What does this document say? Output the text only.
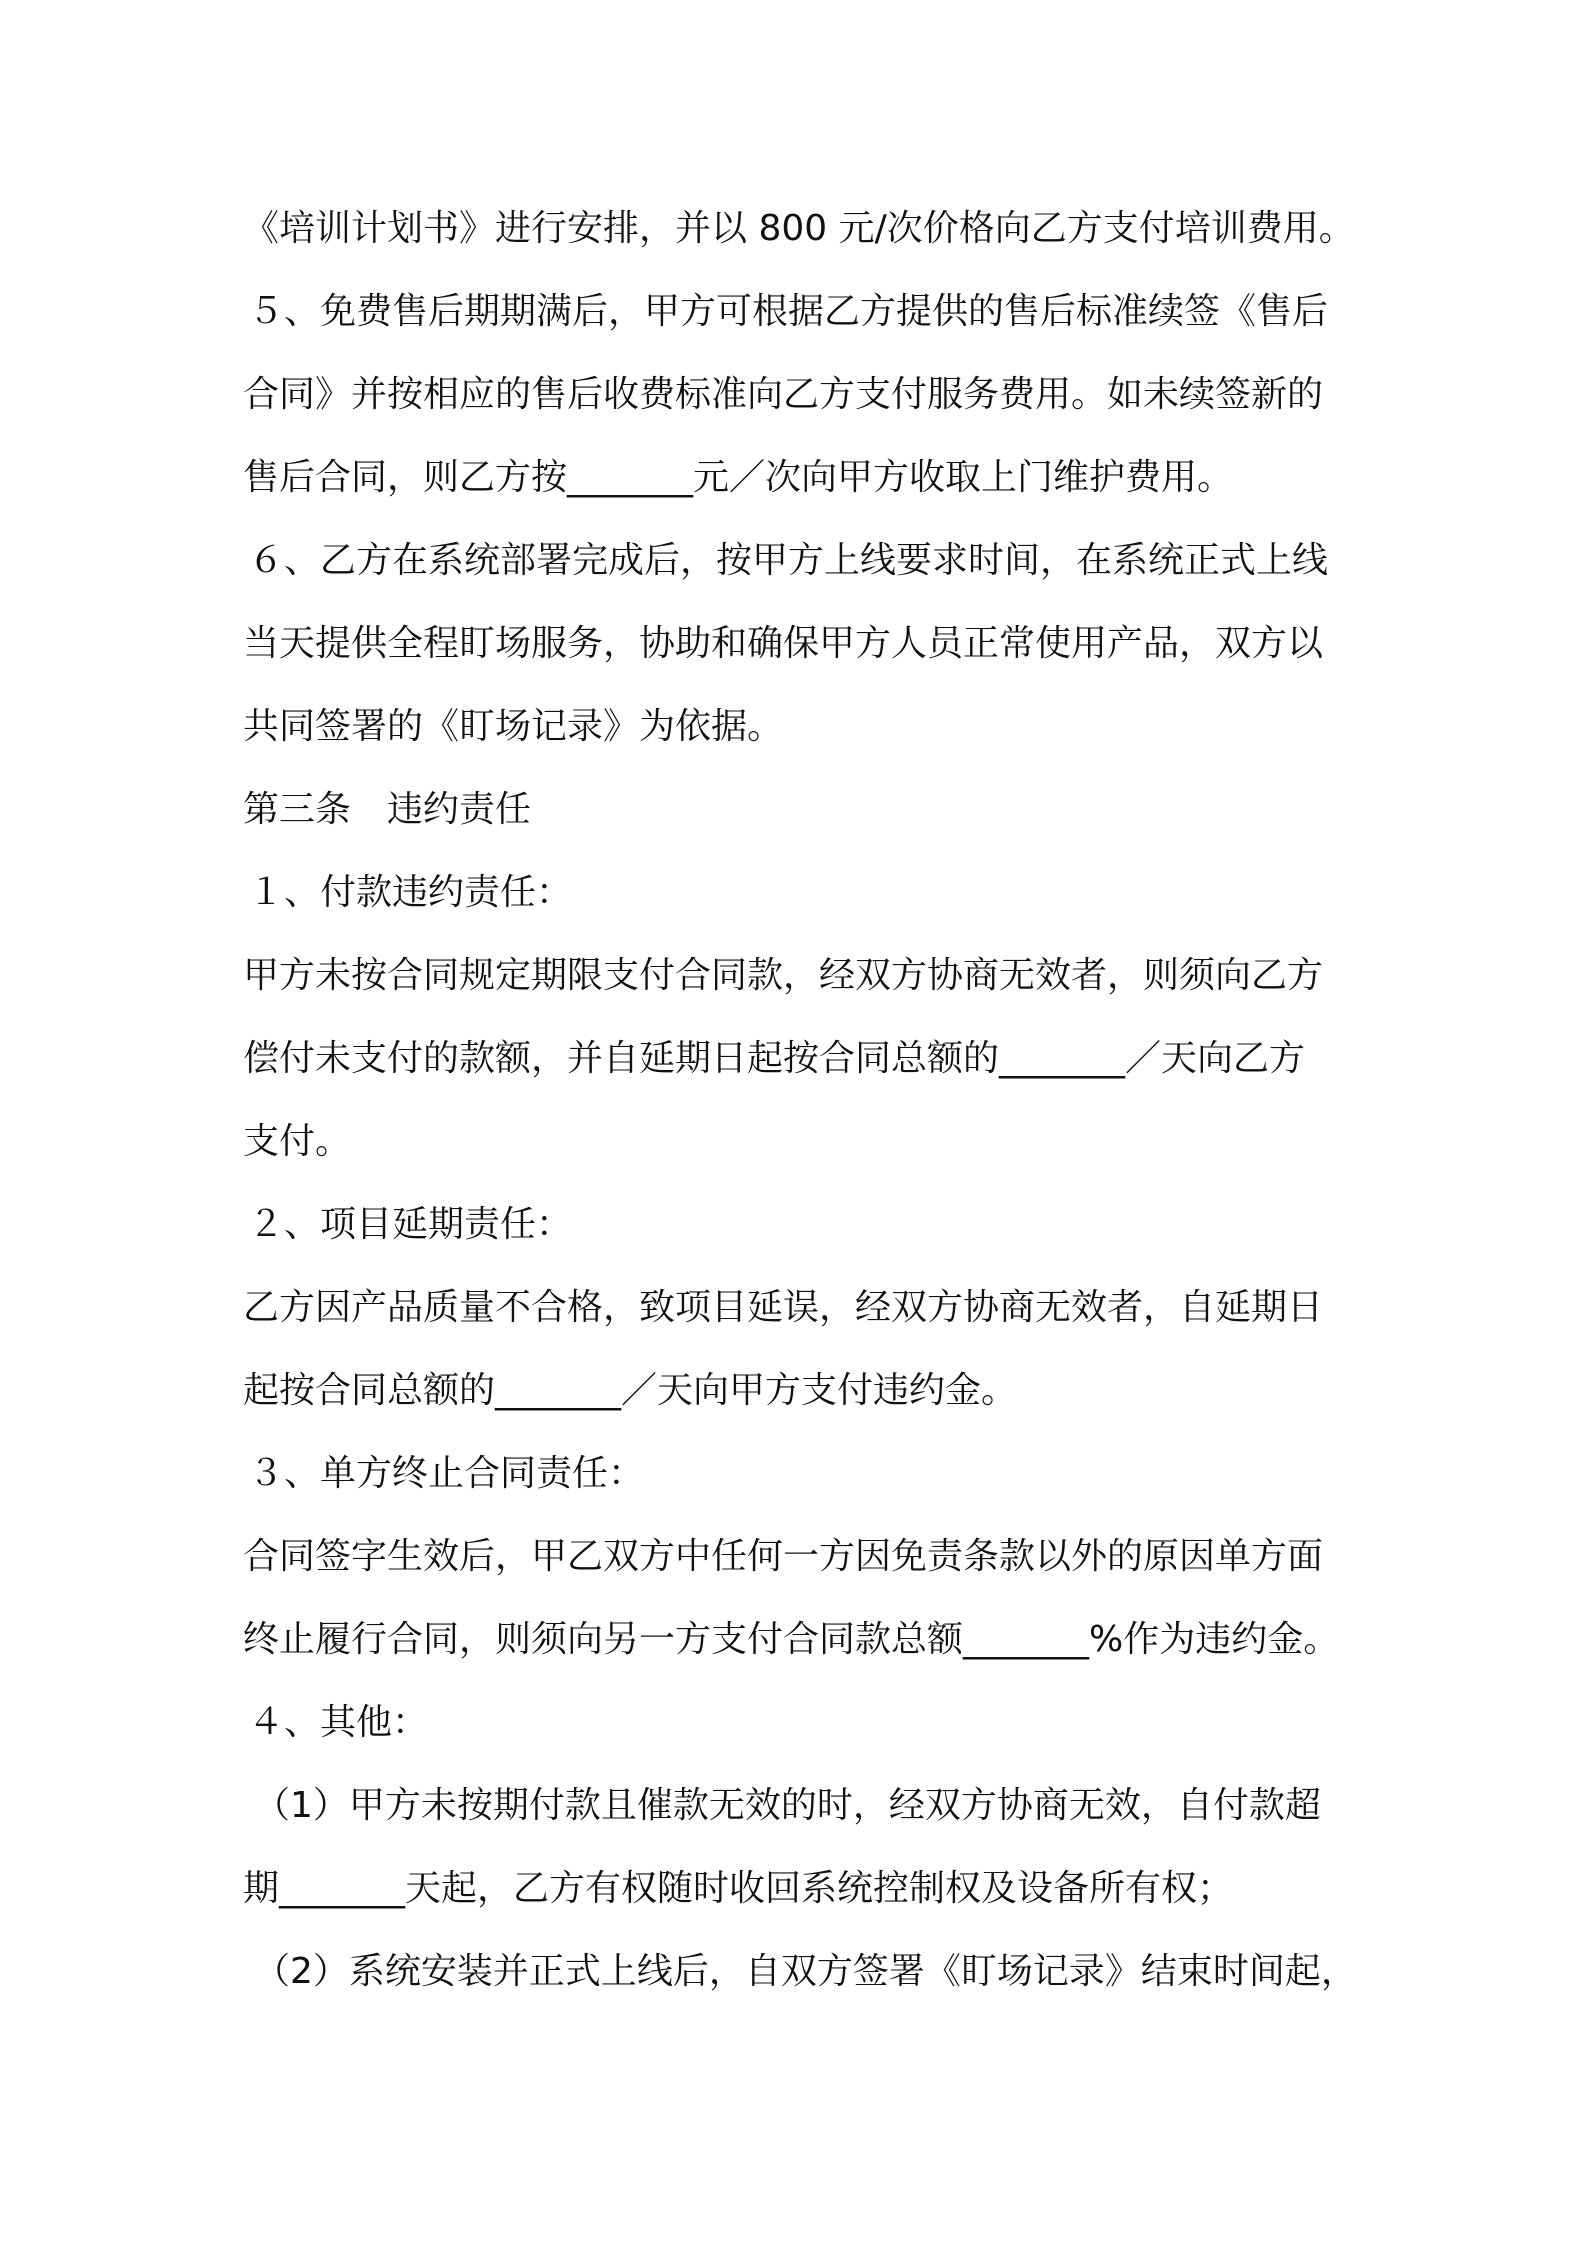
《培训计划书》进行安排，并以 800 元/次价格向乙方支付培训费用。

５、免费售后期期满后，甲方可根据乙方提供的售后标准续签《售后

合同》并按相应的售后收费标准向乙方支付服务费用。如未续签新的

售后合同，则乙方按_______元／次向甲方收取上门维护费用。

６、乙方在系统部署完成后，按甲方上线要求时间，在系统正式上线

当天提供全程盯场服务，协助和确保甲方人员正常使用产品，双方以

共同签署的《盯场记录》为依据。

第三条　违约责任

１、付款违约责任：

甲方未按合同规定期限支付合同款，经双方协商无效者，则须向乙方

偿付未支付的款额，并自延期日起按合同总额的_______／天向乙方

支付。

２、项目延期责任：

乙方因产品质量不合格，致项目延误，经双方协商无效者，自延期日

起按合同总额的_______／天向甲方支付违约金。

３、单方终止合同责任：

合同签字生效后，甲乙双方中任何一方因免责条款以外的原因单方面

终止履行合同，则须向另一方支付合同款总额_______%作为违约金。

４、其他：

（1）甲方未按期付款且催款无效的时，经双方协商无效，自付款超

期_______天起，乙方有权随时收回系统控制权及设备所有权；

（2）系统安装并正式上线后，自双方签署《盯场记录》结束时间起，
